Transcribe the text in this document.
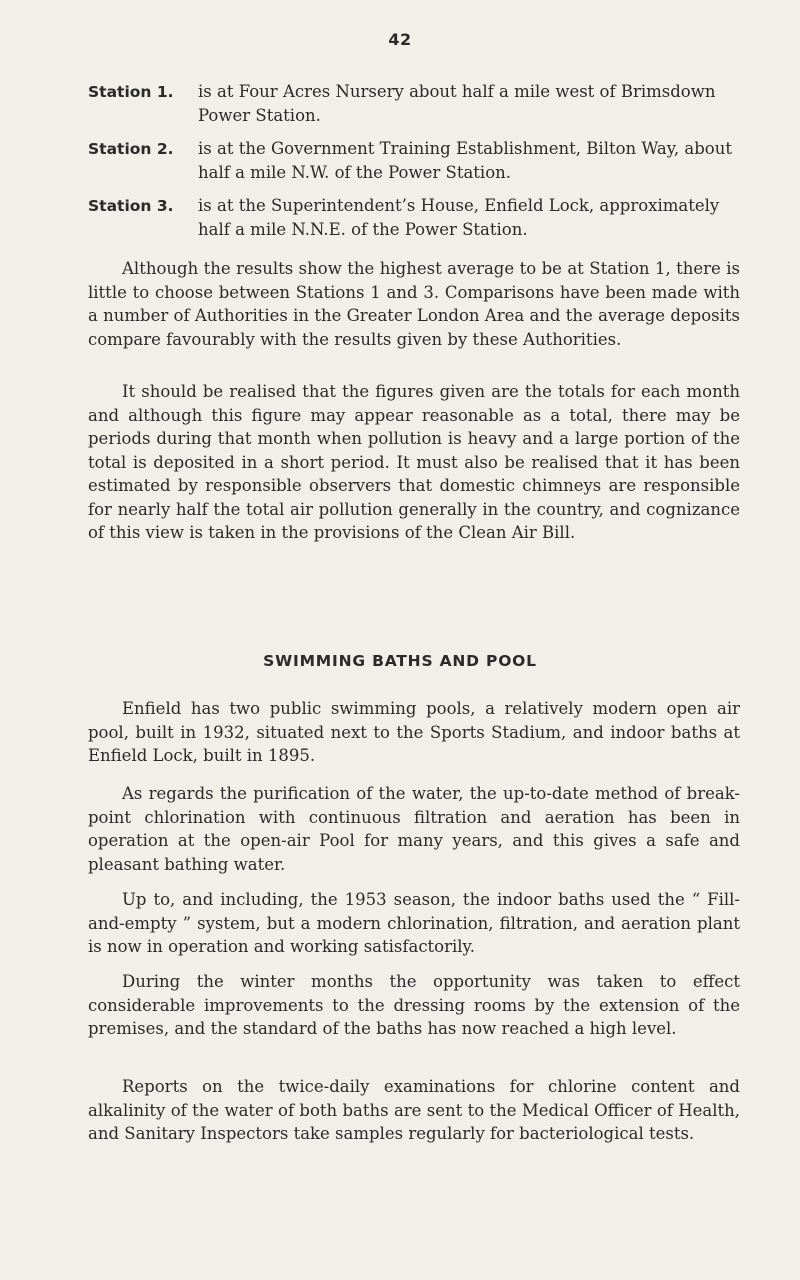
42
Station 1.	is at Four Acres Nursery about half a mile west of Brimsdown Power Station.
Station 2.	is at the Government Training Establishment, Bilton Way, about half a mile N.W. of the Power Station.
Station 3.	is at the Superintendent’s House, Enfield Lock, approximately half a mile N.N.E. of the Power Station.

Although the results show the highest average to be at Station 1, there is little to choose between Stations 1 and 3. Comparisons have been made with a number of Authorities in the Greater London Area and the average deposits compare favourably with the results given by these Authorities.

It should be realised that the figures given are the totals for each month and although this figure may appear reasonable as a total, there may be periods during that month when pollution is heavy and a large portion of the total is deposited in a short period. It must also be realised that it has been estimated by responsible observers that domestic chimneys are responsible for nearly half the total air pollution generally in the country, and cognizance of this view is taken in the provisions of the Clean Air Bill.

SWIMMING BATHS AND POOL

Enfield has two public swimming pools, a relatively modern open air pool, built in 1932, situated next to the Sports Stadium, and indoor baths at Enfield Lock, built in 1895.

As regards the purification of the water, the up-to-date method of break-point chlorination with continuous filtration and aeration has been in operation at the open-air Pool for many years, and this gives a safe and pleasant bathing water.

Up to, and including, the 1953 season, the indoor baths used the “ Fill-and-empty ” system, but a modern chlorination, filtration, and aeration plant is now in operation and working satisfactorily.

During the winter months the opportunity was taken to effect considerable improvements to the dressing rooms by the extension of the premises, and the standard of the baths has now reached a high level.

Reports on the twice-daily examinations for chlorine content and alkalinity of the water of both baths are sent to the Medical Officer of Health, and Sanitary Inspectors take samples regularly for bacteriological tests.
